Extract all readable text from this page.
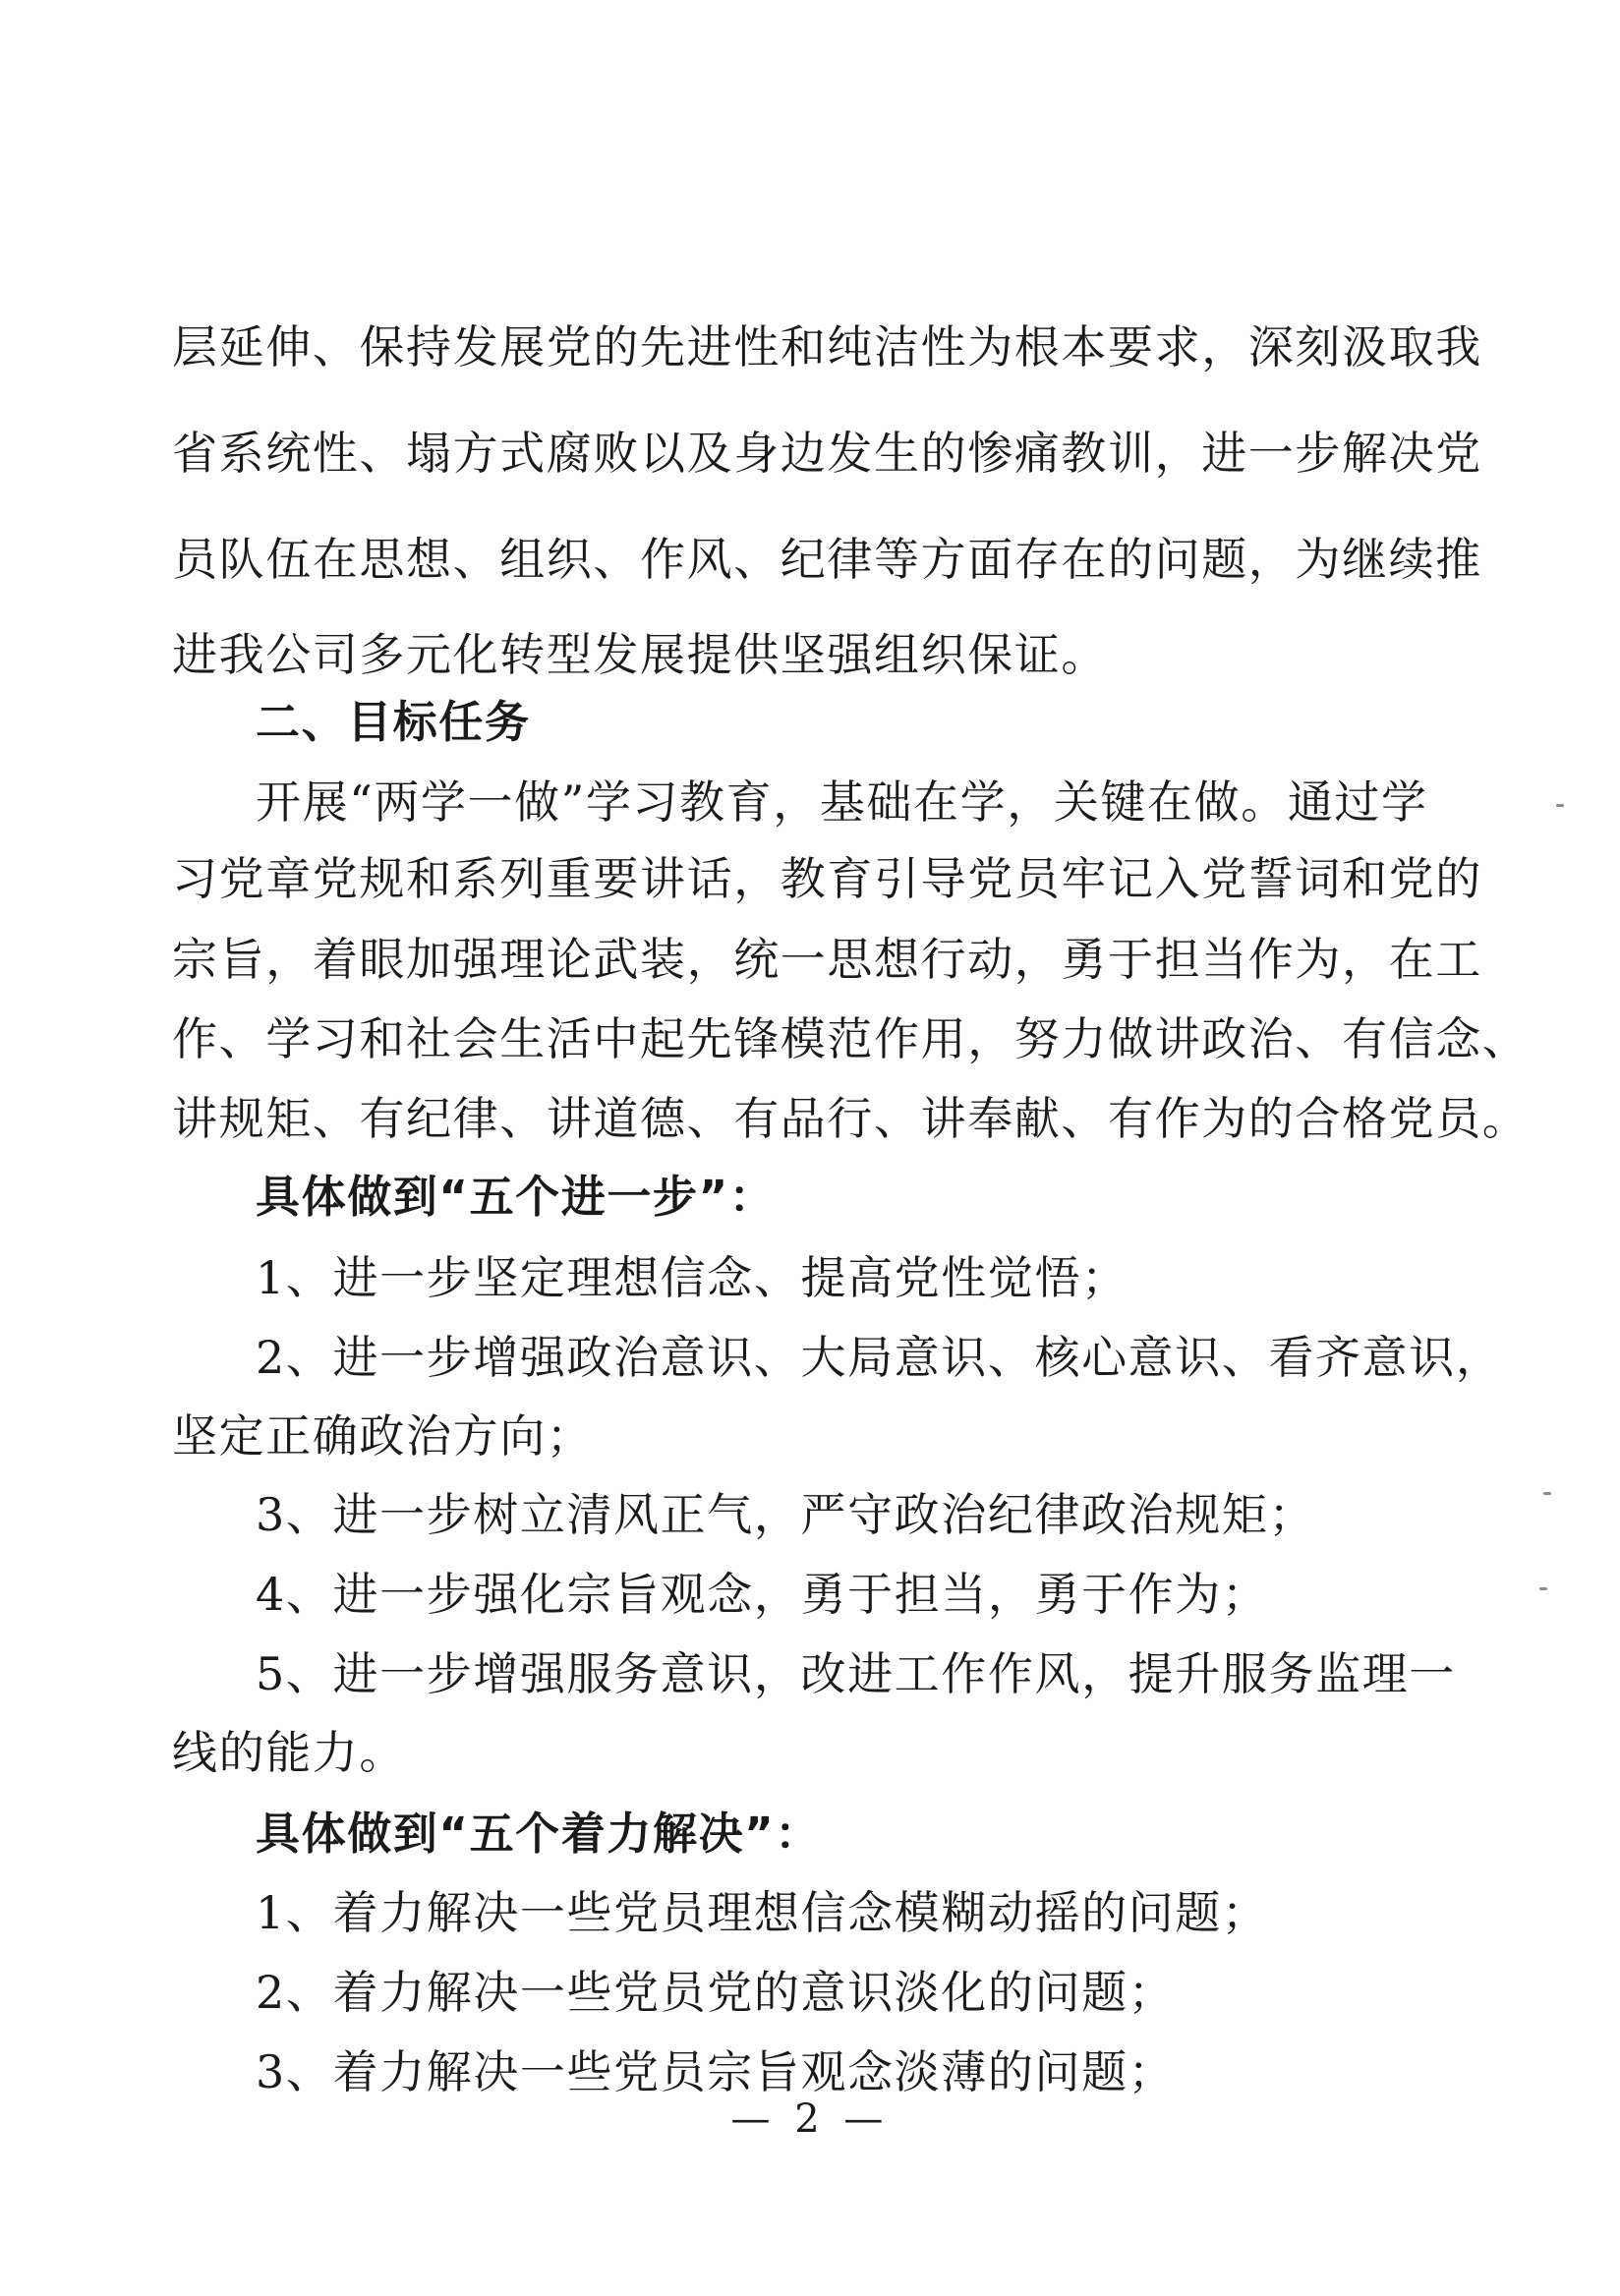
层延伸、保持发展党的先进性和纯洁性为根本要求，深刻汲取我
省系统性、塌方式腐败以及身边发生的惨痛教训，进一步解决党
员队伍在思想、组织、作风、纪律等方面存在的问题，为继续推
进我公司多元化转型发展提供坚强组织保证。
二、目标任务
开展“两学一做”学习教育，基础在学，关键在做。通过学
习党章党规和系列重要讲话，教育引导党员牢记入党誓词和党的
宗旨，着眼加强理论武装，统一思想行动，勇于担当作为，在工
作、学习和社会生活中起先锋模范作用，努力做讲政治、有信念、
讲规矩、有纪律、讲道德、有品行、讲奉献、有作为的合格党员。
具体做到“五个进一步”：
1、进一步坚定理想信念、提高党性觉悟；
2、进一步增强政治意识、大局意识、核心意识、看齐意识，
坚定正确政治方向；
3、进一步树立清风正气，严守政治纪律政治规矩；
4、进一步强化宗旨观念，勇于担当，勇于作为；
5、进一步增强服务意识，改进工作作风，提升服务监理一
线的能力。
具体做到“五个着力解决”：
1、着力解决一些党员理想信念模糊动摇的问题；
2、着力解决一些党员党的意识淡化的问题；
3、着力解决一些党员宗旨观念淡薄的问题；
— 2 —
